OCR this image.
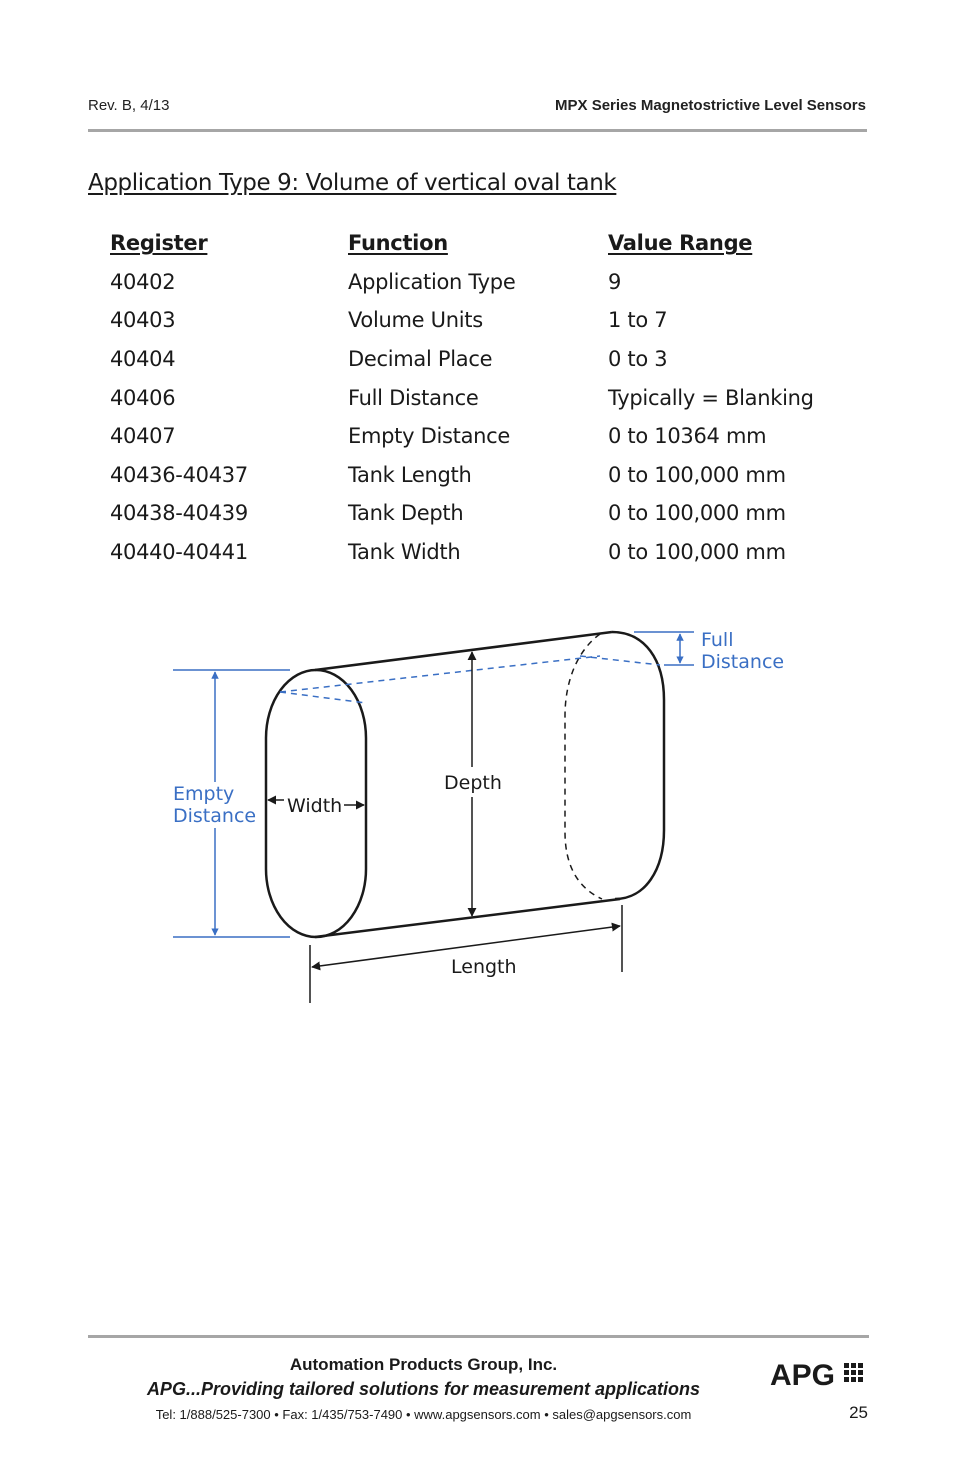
Rev. B, 4/13	MPX Series Magnetostrictive Level Sensors
Application Type 9: Volume of vertical oval tank
Register	Function	Value Range
40402	Application Type	9
40403	Volume Units	1 to 7
40404	Decimal Place	0 to 3
40406	Full Distance	Typically = Blanking
40407	Empty Distance	0 to 10364 mm
40436-40437	Tank Length	0 to 100,000 mm
40438-40439	Tank Depth	0 to 100,000 mm
40440-40441	Tank Width	0 to 100,000 mm
Full
Distance
Empty
Distance Width
Depth
Length
Automation Products Group, Inc.
APG...Providing tailored solutions for measurement applications
Tel: 1/888/525-7300 • Fax: 1/435/753-7490 • www.apgsensors.com • sales@apgsensors.com
APG
25
